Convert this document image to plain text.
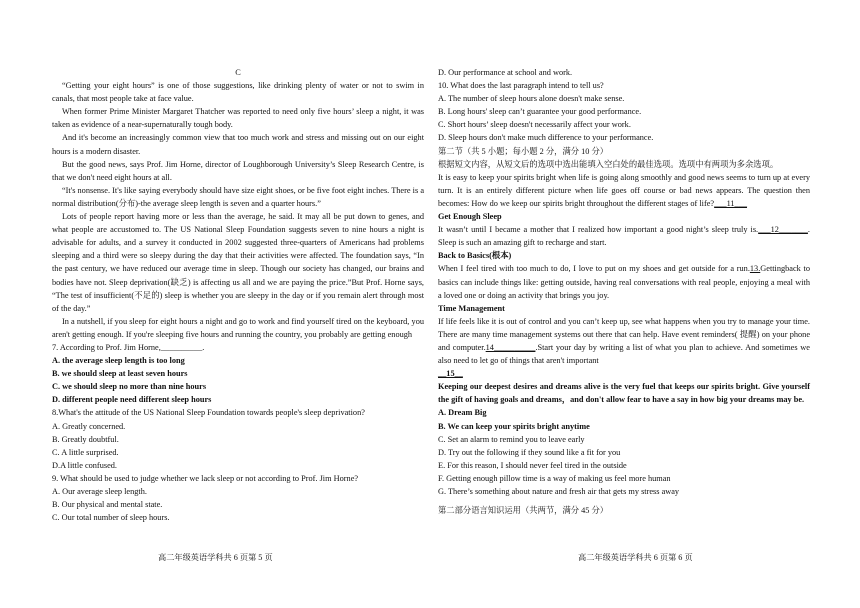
C

“Getting your eight hours” is one of those suggestions, like drinking plenty of water or not to swim in canals, that most people take at face value.

When former Prime Minister Margaret Thatcher was reported to need only five hours’ sleep a night, it was taken as evidence of a near-supernaturally tough body.

And it's become an increasingly common view that too much work and stress and missing out on our eight hours is a modern disaster.

But the good news, says Prof. Jim Horne, director of Loughborough University’s Sleep Research Centre, is that we don't need eight hours at all.

“It's nonsense. It's like saying everybody should have size eight shoes, or be five foot eight inches. There is a normal distribution(分布)-the average sleep length is seven and a quarter hours.”

Lots of people report having more or less than the average, he said. It may all be put down to genes, and what people are accustomed to. The US National Sleep Foundation suggests seven to nine hours a night is advisable for adults, and a survey it conducted in 2002 suggested three-quarters of Americans had problems sleeping and a third were so sleepy during the day that their activities were affected. The foundation says, “In the past century, we have reduced our average time in sleep. Though our society has changed, our brains and bodies have not. Sleep deprivation(缺乏) is affecting us all and we are paying the price.”But Prof. Horne says, “The test of insufficient(不足的) sleep is whether you are sleepy in the day or if you remain alert through most of the day.”

In a nutshell, if you sleep for eight hours a night and go to work and find yourself tired on the keyboard, you aren't getting enough. If you're sleeping five hours and running the country, you probably are getting enough

7. According to Prof. Jim Horne,__________.

A. the average sleep length is too long

B. we should sleep at least seven hours

C. we should sleep no more than nine hours

D. different people need different sleep hours

8.What's the attitude of the US National Sleep Foundation towards people's sleep deprivation?

A. Greatly concerned.

B. Greatly doubtful.

C. A little surprised.

D.A little confused.

9. What should be used to judge whether we lack sleep or not according to Prof. Jim Horne?

A. Our average sleep length.

B. Our physical and mental state.

C. Our total number of sleep hours.

D. Our performance at school and work.

10. What does the last paragraph intend to tell us?

A. The number of sleep hours alone doesn't make sense.

B. Long hours' sleep can’t guarantee your good performance.

C. Short hours’ sleep doesn't necessarily affect your work.

D. Sleep hours don't make much difference to your performance.

第二节（共 5 小题；每小题 2 分，满分 10 分）

根据短文内容，从短文后的选项中选出能填入空白处的最佳选项。选项中有两项为多余选项。

It is easy to keep your spirits bright when life is going along smoothly and good news seems to turn up at every turn. It is an entirely different picture when life goes off course or bad news appears. The question then becomes: How do we keep our spirits bright throughout the different stages of life?___11___

Get Enough Sleep

It wasn’t until I became a mother that I realized how important a good night’s sleep truly is.___12_______. Sleep is such an amazing gift to recharge and start.

Back to Basics(根本)

When I feel tired with too much to do, I love to put on my shoes and get outside for a run.13.Gettingback to basics can include things like: getting outside, having real conversations with real people, enjoying a meal with a loved one or doing an activity that brings you joy.

Time Management

If life feels like it is out of control and you can’t keep up, see what happens when you try to manage your time. There are many time management systems out there that can help. Have event reminders( 提醒) on your phone and computer.14__________.Start your day by writing a list of what you plan to achieve. And sometimes we also need to let go of things that aren't important

__15__

Keeping our deepest desires and dreams alive is the very fuel that keeps our spirits bright. Give yourself the gift of having goals and dreams，and don't allow fear to have a say in how big your dreams may be.

A. Dream Big

B. We can keep your spirits bright anytime

C. Set an alarm to remind you to leave early

D. Try out the following if they sound like a fit for you

E. For this reason, I should never feel tired in the outside

F. Getting enough pillow time is a way of making us feel more human

G. There’s something about nature and fresh air that gets my stress away

第二部分语言知识运用（共两节，满分 45 分）

高二年级英语学科共 6 页第 5 页	高二年级英语学科共 6 页第 6 页
